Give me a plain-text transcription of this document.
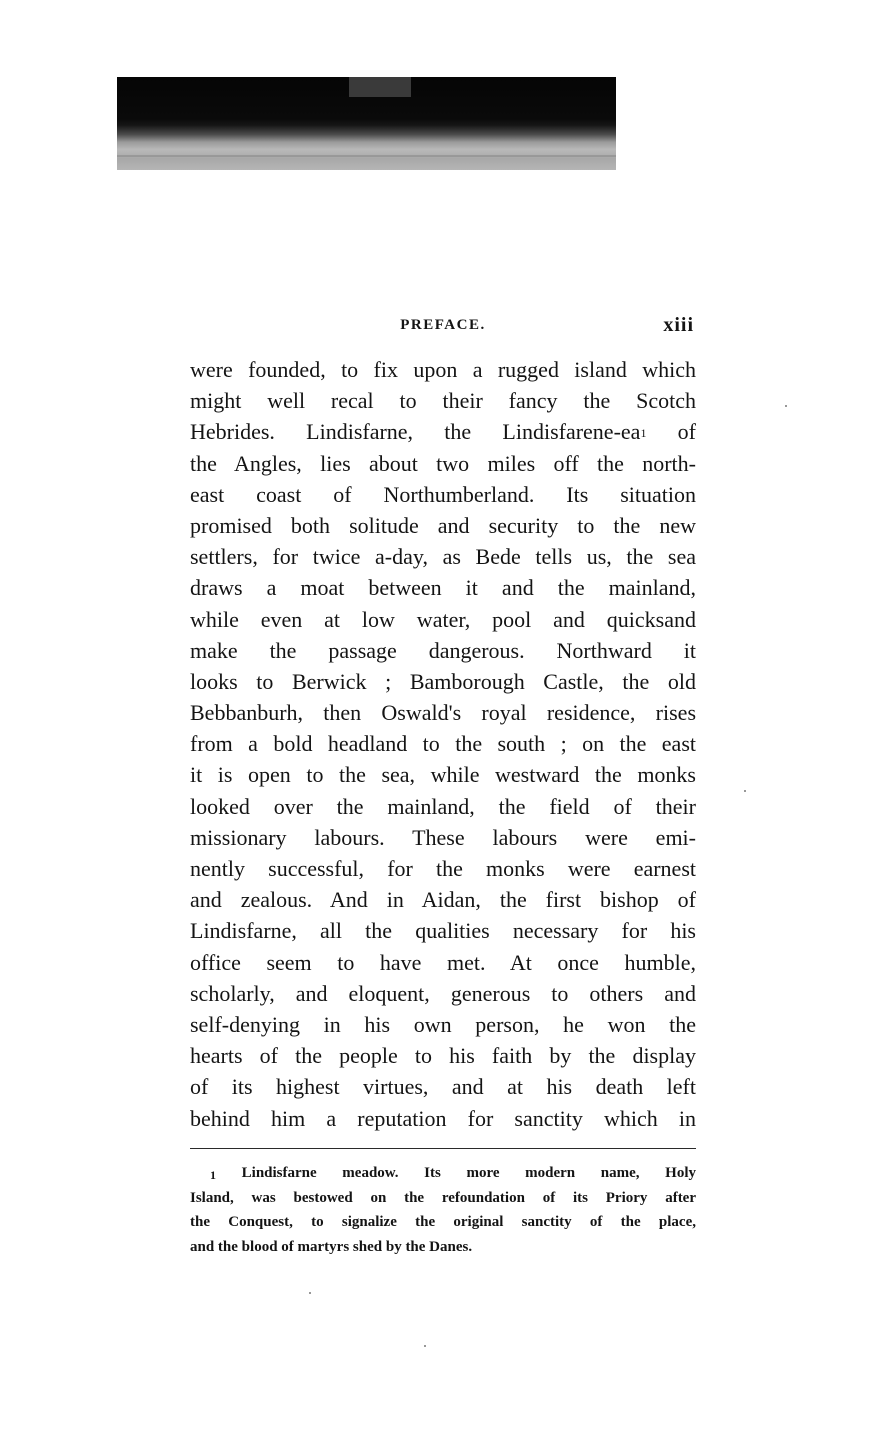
PREFACE.	xiii
were founded, to fix upon a rugged island which
might well recal to their fancy the Scotch
Hebrides. Lindisfarne, the Lindisfarene-$ea^1$ of
the Angles, lies about two miles off the north-
east coast of Northumberland. Its situation
promised both solitude and security to the new
settlers, for twice a-day, as Bede tells us, the sea
draws a moat between it and the mainland,
while even at low water, pool and quicksand
make the passage dangerous. Northward it
looks to Berwick ; Bamborough Castle, the old
Bebbanburh, then Oswald's royal residence, rises
from a bold headland to the south ; on the east
it is open to the sea, while westward the monks
looked over the mainland, the field of their
missionary labours. These labours were emi-
nently successful, for the monks were earnest
and zealous. And in Aidan, the first bishop of
Lindisfarne, all the qualities necessary for his
office seem to have met. At once humble,
scholarly, and eloquent, generous to others and
self-denying in his own person, he won the
hearts of the people to his faith by the display
of its highest virtues, and at his death left
behind him a reputation for sanctity which in
$^1$ Lindisfarne meadow. Its more modern name, Holy
Island, was bestowed on the refoundation of its Priory after
the Conquest, to signalize the original sanctity of the place,
and the blood of martyrs shed by the Danes.
